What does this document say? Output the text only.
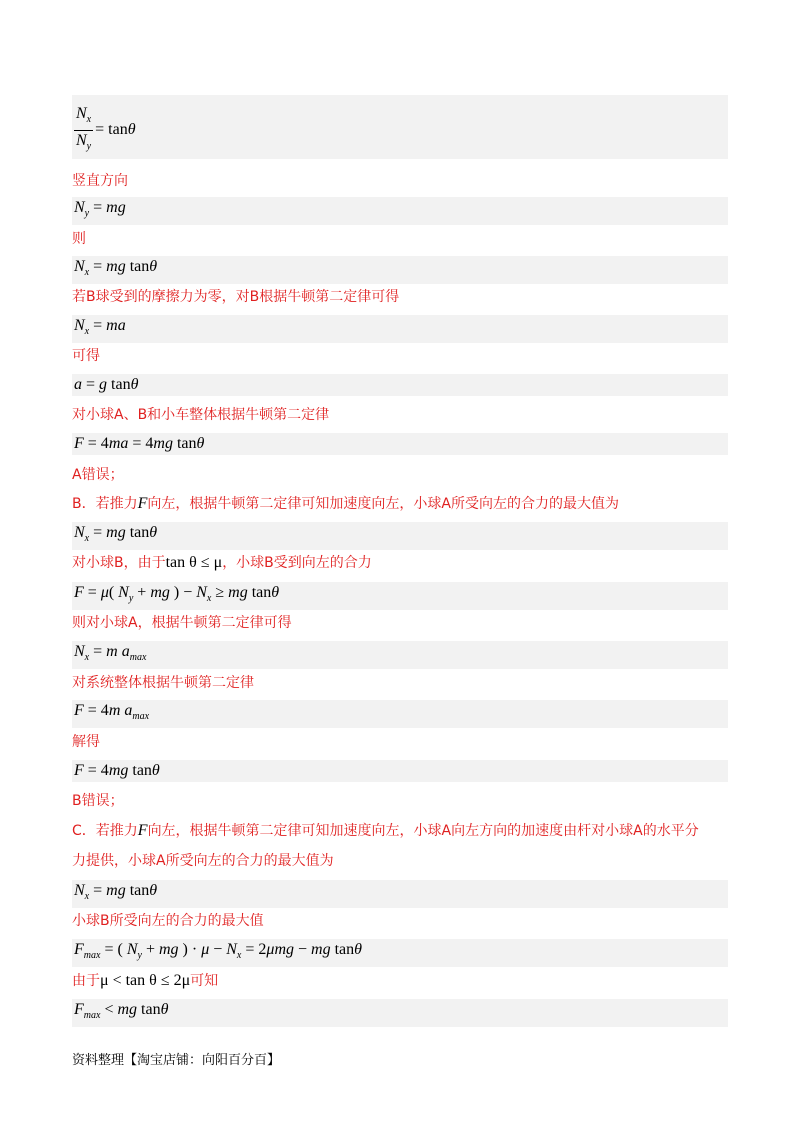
$\frac{N_x}{N_y} = \tan\theta$
竖直方向
$N_y$ = mg
则
$N_x$ = mg tanθ
若B球受到的摩擦力为零，对B根据牛顿第二定律可得
$N_x$ = ma
可得
a = g tanθ
对小球A、B和小车整体根据牛顿第二定律
F = 4ma = 4mg tanθ
A错误；
B．若推力F向左，根据牛顿第二定律可知加速度向左，小球A所受向左的合力的最大值为
$N_x$ = mg tanθ
对小球B，由于tan θ ≤ μ，小球B受到向左的合力
F = μ( $N_y$ + mg ) − $N_x$ ≥ mg tanθ
则对小球A，根据牛顿第二定律可得
$N_x = m$ $a_{max}$
对系统整体根据牛顿第二定律
F = 4m $a_{max}$
解得
F = 4mg tanθ
B错误；
C．若推力F向左，根据牛顿第二定律可知加速度向左，小球A向左方向的加速度由杆对小球A的水平分
力提供，小球A所受向左的合力的最大值为
$N_x$ = mg tanθ
小球B所受向左的合力的最大值
$F_{max}$ = ( $N_y$ + mg ) · $\mu - N_x = 2\mu mg$ − mg tanθ
由于μ < tan θ ≤ 2μ可知
$F_{max}$ < mg tanθ
资料整理【淘宝店铺：向阳百分百】
